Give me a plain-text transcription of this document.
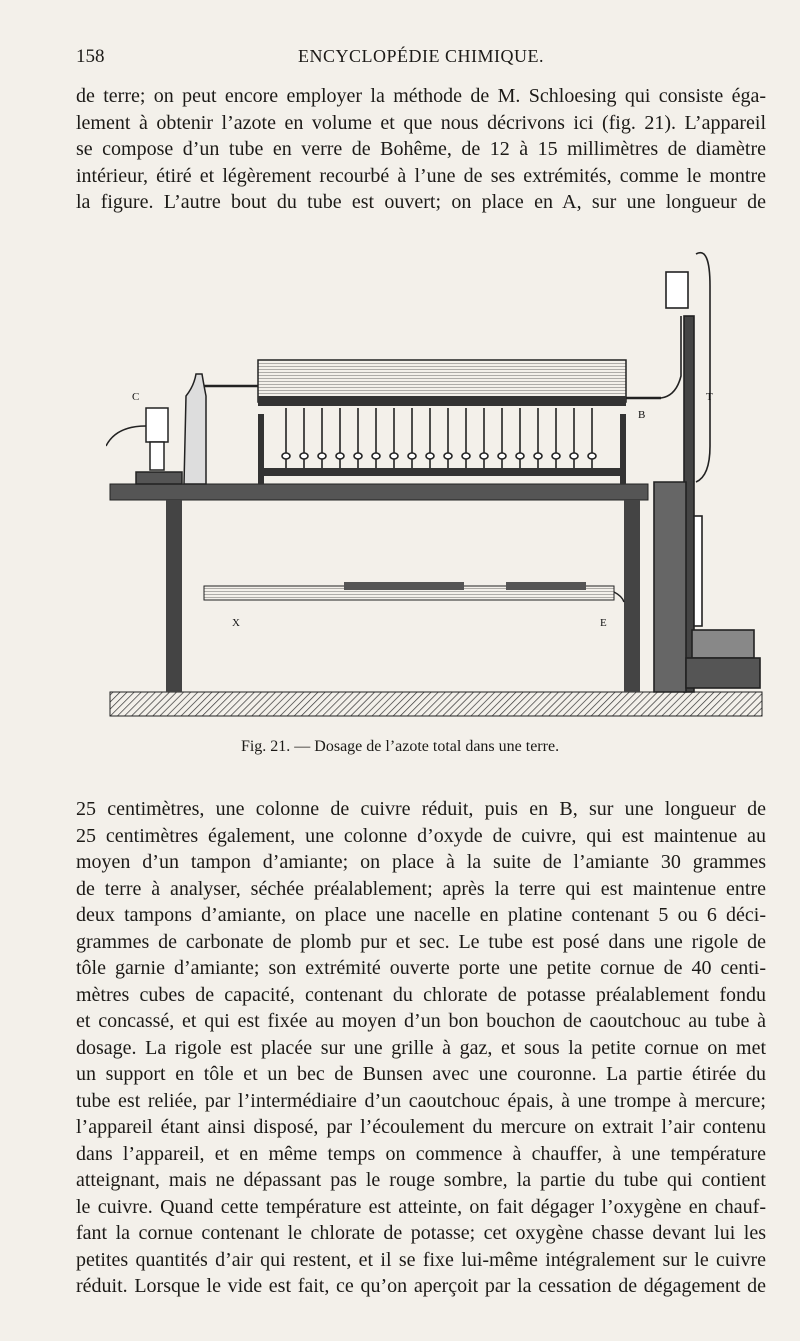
158	ENCYCLOPÉDIE CHIMIQUE.
de terre; on peut encore employer la méthode de M. Schloesing qui consiste éga-
lement à obtenir l’azote en volume et que nous décrivons ici (fig. 21). L’appareil
se compose d’un tube en verre de Bohême, de 12 à 15 millimètres de diamètre
intérieur, étiré et légèrement recourbé à l’une de ses extrémités, comme le montre
la figure. L’autre bout du tube est ouvert; on place en A, sur une longueur de
C
B
T
X	E
Fig. 21. — Dosage de l’azote total dans une terre.
25 centimètres, une colonne de cuivre réduit, puis en B, sur une longueur de
25 centimètres également, une colonne d’oxyde de cuivre, qui est maintenue au
moyen d’un tampon d’amiante; on place à la suite de l’amiante 30 grammes
de terre à analyser, séchée préalablement; après la terre qui est maintenue entre
deux tampons d’amiante, on place une nacelle en platine contenant 5 ou 6 déci-
grammes de carbonate de plomb pur et sec. Le tube est posé dans une rigole de
tôle garnie d’amiante; son extrémité ouverte porte une petite cornue de 40 centi-
mètres cubes de capacité, contenant du chlorate de potasse préalablement fondu
et concassé, et qui est fixée au moyen d’un bon bouchon de caoutchouc au tube à
dosage. La rigole est placée sur une grille à gaz, et sous la petite cornue on met
un support en tôle et un bec de Bunsen avec une couronne. La partie étirée du
tube est reliée, par l’intermédiaire d’un caoutchouc épais, à une trompe à mercure;
l’appareil étant ainsi disposé, par l’écoulement du mercure on extrait l’air contenu
dans l’appareil, et en même temps on commence à chauffer, à une température
atteignant, mais ne dépassant pas le rouge sombre, la partie du tube qui contient
le cuivre. Quand cette température est atteinte, on fait dégager l’oxygène en chauf-
fant la cornue contenant le chlorate de potasse; cet oxygène chasse devant lui les
petites quantités d’air qui restent, et il se fixe lui-même intégralement sur le cuivre
réduit. Lorsque le vide est fait, ce qu’on aperçoit par la cessation de dégagement de
